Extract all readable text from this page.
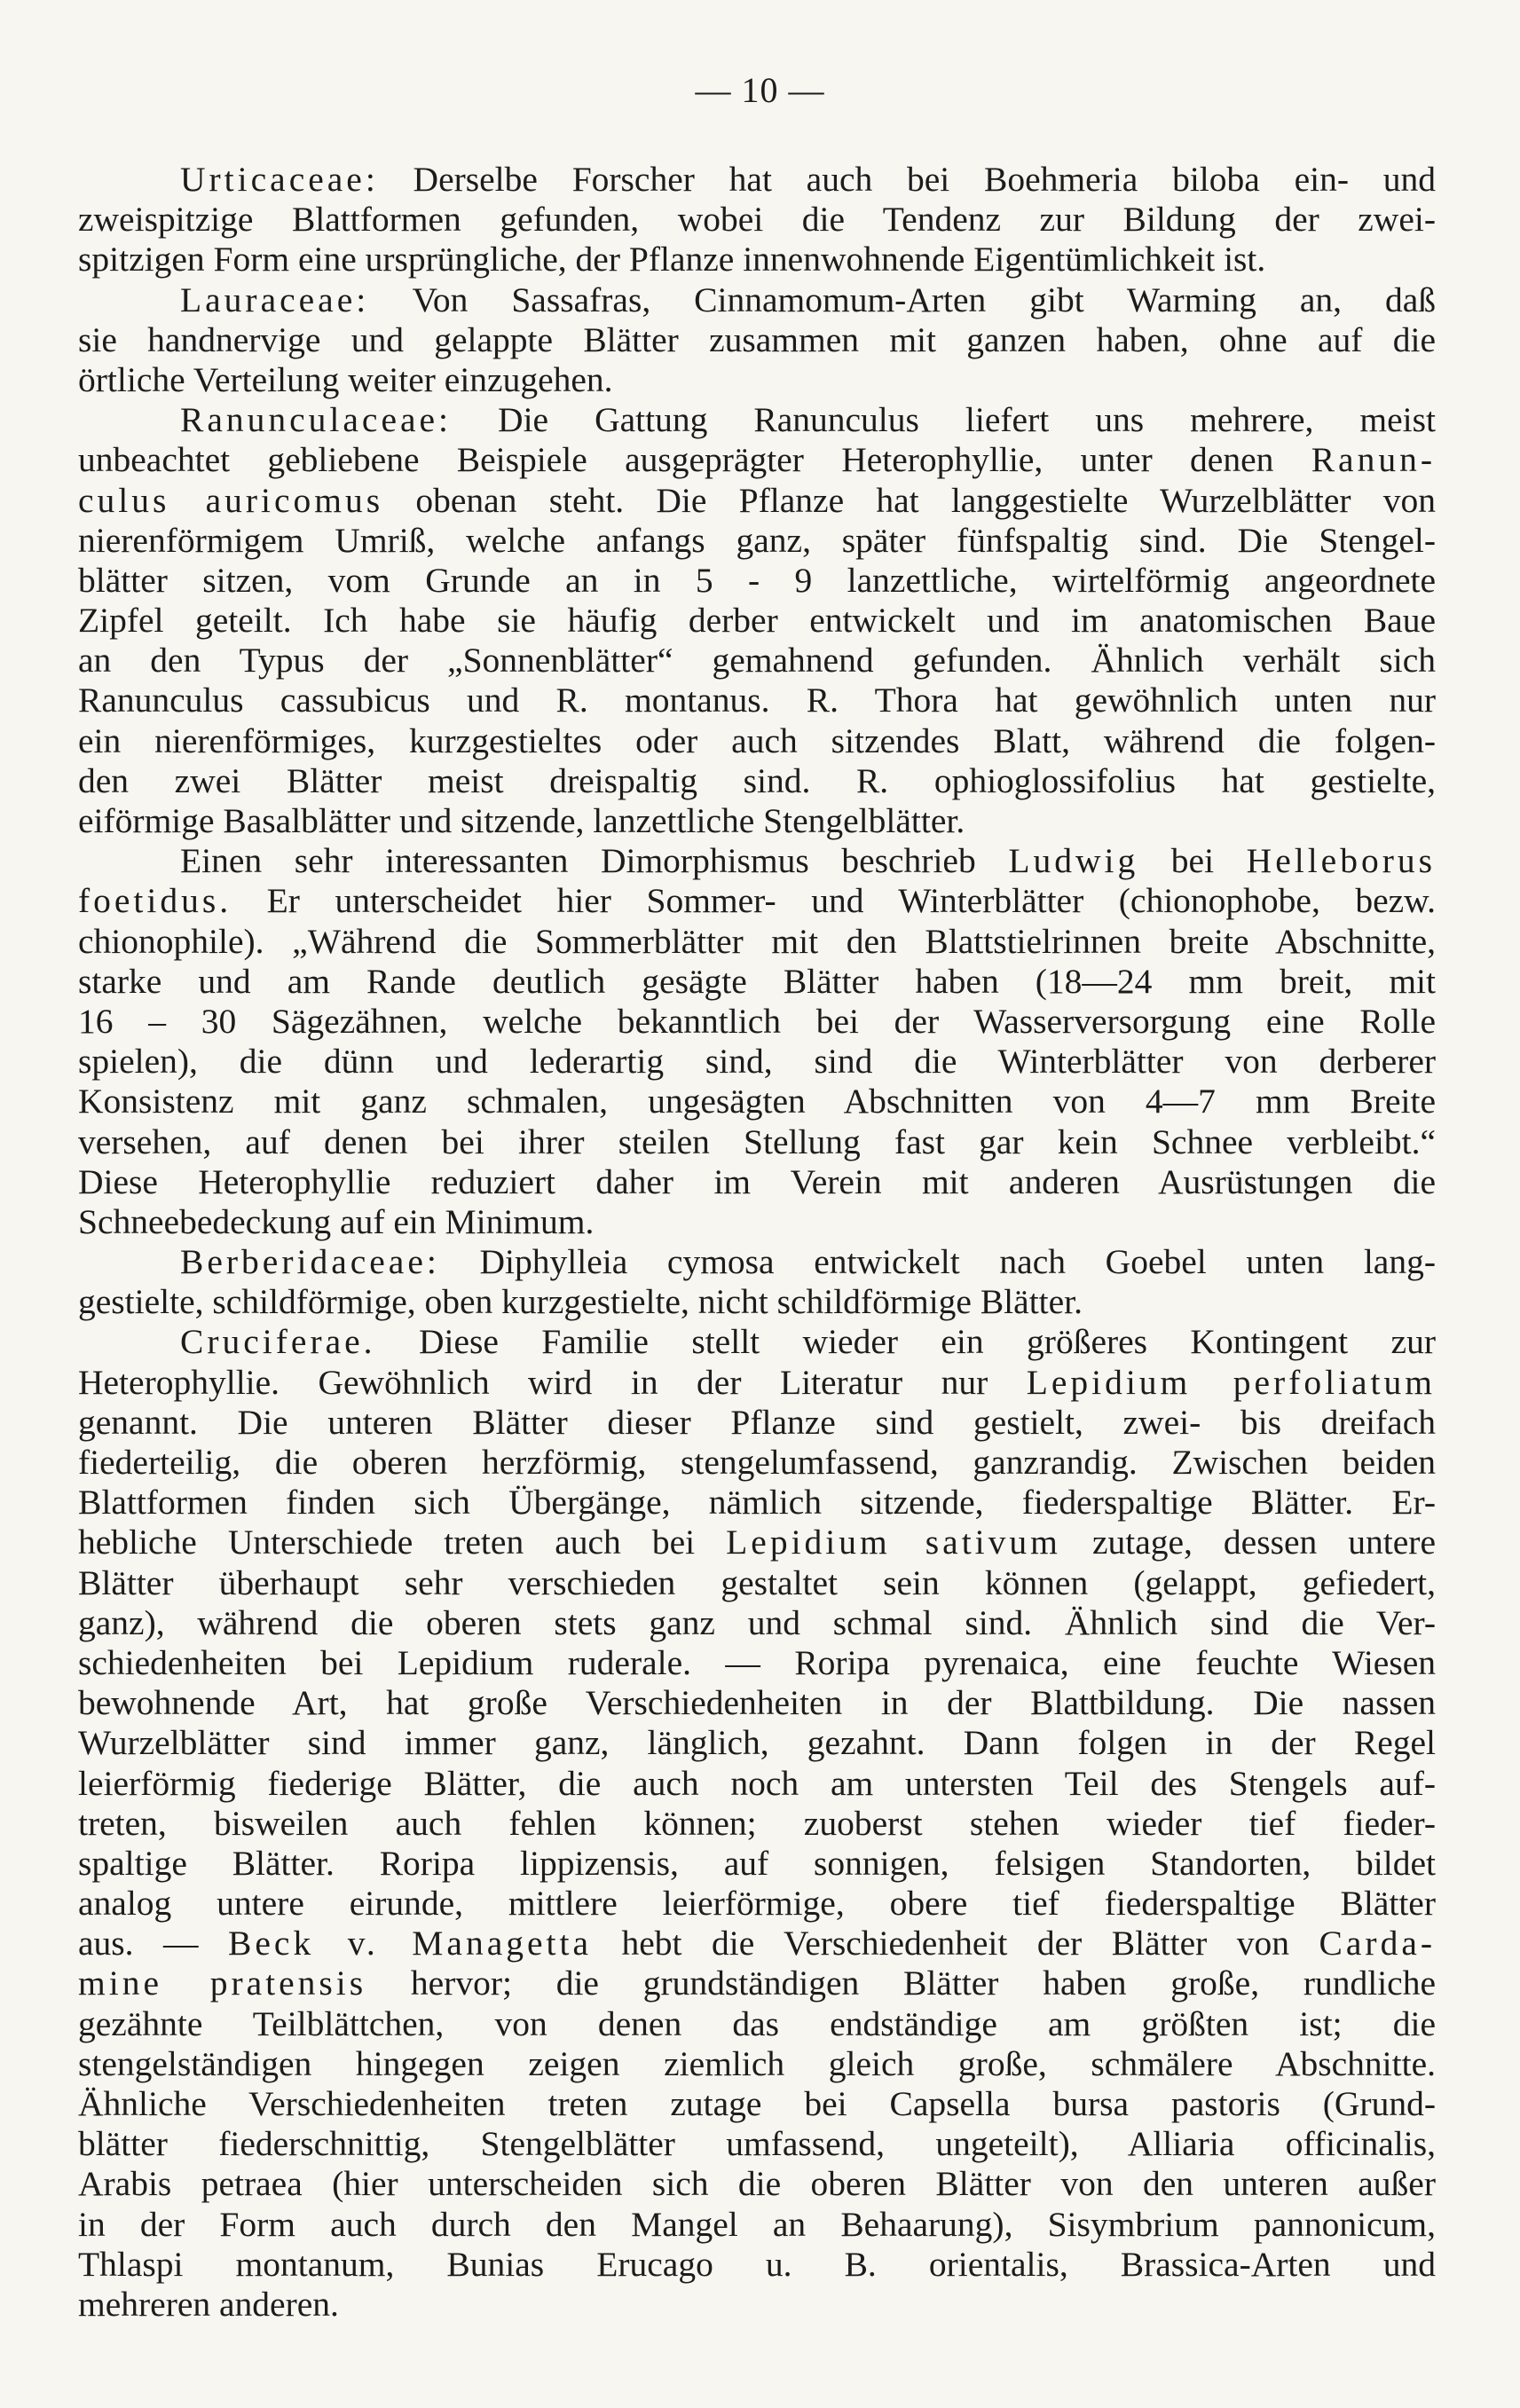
— 10 —
Urticaceae: Derselbe Forscher hat auch bei Boehmeria biloba ein- und
zweispitzige Blattformen gefunden, wobei die Tendenz zur Bildung der zwei-
spitzigen Form eine ursprüngliche, der Pflanze innenwohnende Eigentümlichkeit ist.
Lauraceae: Von Sassafras, Cinnamomum-Arten gibt Warming an, daß
sie handnervige und gelappte Blätter zusammen mit ganzen haben, ohne auf die
örtliche Verteilung weiter einzugehen.
Ranunculaceae: Die Gattung Ranunculus liefert uns mehrere, meist
unbeachtet gebliebene Beispiele ausgeprägter Heterophyllie, unter denen Ranun-
culus auricomus obenan steht. Die Pflanze hat langgestielte Wurzelblätter von
nierenförmigem Umriß, welche anfangs ganz, später fünfspaltig sind. Die Stengel-
blätter sitzen, vom Grunde an in 5 - 9 lanzettliche, wirtelförmig angeordnete
Zipfel geteilt. Ich habe sie häufig derber entwickelt und im anatomischen Baue
an den Typus der „Sonnenblätter“ gemahnend gefunden. Ähnlich verhält sich
Ranunculus cassubicus und R. montanus. R. Thora hat gewöhnlich unten nur
ein nierenförmiges, kurzgestieltes oder auch sitzendes Blatt, während die folgen-
den zwei Blätter meist dreispaltig sind. R. ophioglossifolius hat gestielte,
eiförmige Basalblätter und sitzende, lanzettliche Stengelblätter.
Einen sehr interessanten Dimorphismus beschrieb Ludwig bei Helleborus
foetidus. Er unterscheidet hier Sommer- und Winterblätter (chionophobe, bezw.
chionophile). „Während die Sommerblätter mit den Blattstielrinnen breite Abschnitte,
starke und am Rande deutlich gesägte Blätter haben (18—24 mm breit, mit
16 – 30 Sägezähnen, welche bekanntlich bei der Wasserversorgung eine Rolle
spielen), die dünn und lederartig sind, sind die Winterblätter von derberer
Konsistenz mit ganz schmalen, ungesägten Abschnitten von 4—7 mm Breite
versehen, auf denen bei ihrer steilen Stellung fast gar kein Schnee verbleibt.“
Diese Heterophyllie reduziert daher im Verein mit anderen Ausrüstungen die
Schneebedeckung auf ein Minimum.
Berberidaceae: Diphylleia cymosa entwickelt nach Goebel unten lang-
gestielte, schildförmige, oben kurzgestielte, nicht schildförmige Blätter.
Cruciferae. Diese Familie stellt wieder ein größeres Kontingent zur
Heterophyllie. Gewöhnlich wird in der Literatur nur Lepidium perfoliatum
genannt. Die unteren Blätter dieser Pflanze sind gestielt, zwei- bis dreifach
fiederteilig, die oberen herzförmig, stengelumfassend, ganzrandig. Zwischen beiden
Blattformen finden sich Übergänge, nämlich sitzende, fiederspaltige Blätter. Er-
hebliche Unterschiede treten auch bei Lepidium sativum zutage, dessen untere
Blätter überhaupt sehr verschieden gestaltet sein können (gelappt, gefiedert,
ganz), während die oberen stets ganz und schmal sind. Ähnlich sind die Ver-
schiedenheiten bei Lepidium ruderale. — Roripa pyrenaica, eine feuchte Wiesen
bewohnende Art, hat große Verschiedenheiten in der Blattbildung. Die nassen
Wurzelblätter sind immer ganz, länglich, gezahnt. Dann folgen in der Regel
leierförmig fiederige Blätter, die auch noch am untersten Teil des Stengels auf-
treten, bisweilen auch fehlen können; zuoberst stehen wieder tief fieder-
spaltige Blätter. Roripa lippizensis, auf sonnigen, felsigen Standorten, bildet
analog untere eirunde, mittlere leierförmige, obere tief fiederspaltige Blätter
aus. — Beck v. Managetta hebt die Verschiedenheit der Blätter von Carda-
mine pratensis hervor; die grundständigen Blätter haben große, rundliche
gezähnte Teilblättchen, von denen das endständige am größten ist; die
stengelständigen hingegen zeigen ziemlich gleich große, schmälere Abschnitte.
Ähnliche Verschiedenheiten treten zutage bei Capsella bursa pastoris (Grund-
blätter fiederschnittig, Stengelblätter umfassend, ungeteilt), Alliaria officinalis,
Arabis petraea (hier unterscheiden sich die oberen Blätter von den unteren außer
in der Form auch durch den Mangel an Behaarung), Sisymbrium pannonicum,
Thlaspi montanum, Bunias Erucago u. B. orientalis, Brassica-Arten und
mehreren anderen.
